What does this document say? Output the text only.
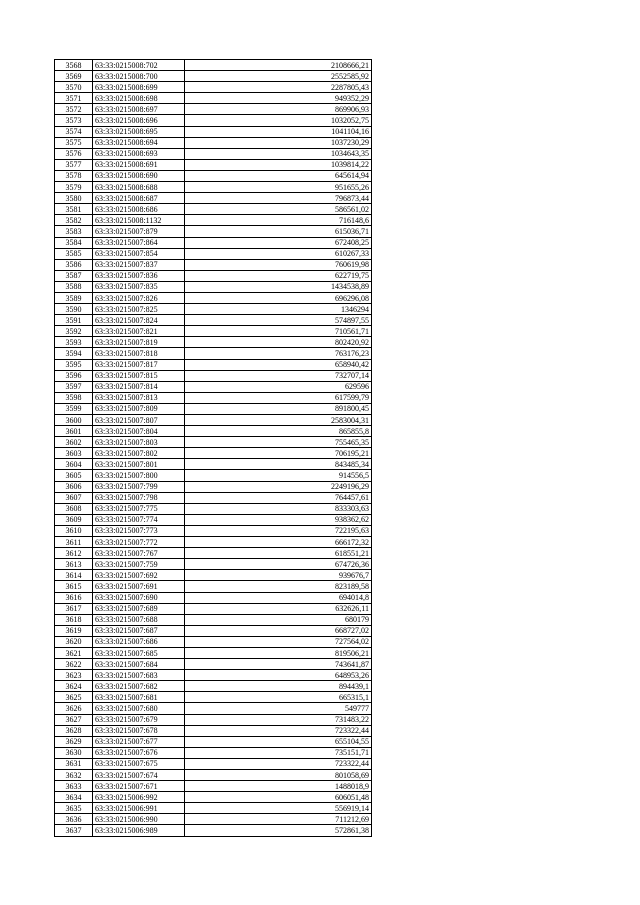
3568	63:33:0215008:702	2108666,21
3569	63:33:0215008:700	2552585,92
3570	63:33:0215008:699	2287805,43
3571	63:33:0215008:698	949352,29
3572	63:33:0215008:697	869906,93
3573	63:33:0215008:696	1032052,75
3574	63:33:0215008:695	1041104,16
3575	63:33:0215008:694	1037230,29
3576	63:33:0215008:693	1034643,35
3577	63:33:0215008:691	1039814,22
3578	63:33:0215008:690	645614,94
3579	63:33:0215008:688	951655,26
3580	63:33:0215008:687	796873,44
3581	63:33:0215008:686	586561,02
3582	63:33:0215008:1132	716148,6
3583	63:33:0215007:879	615036,71
3584	63:33:0215007:864	672408,25
3585	63:33:0215007:854	610267,33
3586	63:33:0215007:837	760619,98
3587	63:33:0215007:836	622719,75
3588	63:33:0215007:835	1434538,89
3589	63:33:0215007:826	696296,08
3590	63:33:0215007:825	1346294
3591	63:33:0215007:824	574897,55
3592	63:33:0215007:821	710561,71
3593	63:33:0215007:819	802420,92
3594	63:33:0215007:818	763176,23
3595	63:33:0215007:817	658940,42
3596	63:33:0215007:815	732707,14
3597	63:33:0215007:814	629596
3598	63:33:0215007:813	617599,79
3599	63:33:0215007:809	891800,45
3600	63:33:0215007:807	2583004,31
3601	63:33:0215007:804	865855,8
3602	63:33:0215007:803	755465,35
3603	63:33:0215007:802	706195,21
3604	63:33:0215007:801	843485,34
3605	63:33:0215007:800	914556,5
3606	63:33:0215007:799	2249196,29
3607	63:33:0215007:798	764457,61
3608	63:33:0215007:775	833303,63
3609	63:33:0215007:774	938362,62
3610	63:33:0215007:773	722195,63
3611	63:33:0215007:772	666172,32
3612	63:33:0215007:767	618551,21
3613	63:33:0215007:759	674726,36
3614	63:33:0215007:692	939676,7
3615	63:33:0215007:691	823189,58
3616	63:33:0215007:690	694014,8
3617	63:33:0215007:689	632626,11
3618	63:33:0215007:688	680179
3619	63:33:0215007:687	668727,02
3620	63:33:0215007:686	727564,02
3621	63:33:0215007:685	819506,21
3622	63:33:0215007:684	743641,87
3623	63:33:0215007:683	648953,26
3624	63:33:0215007:682	894439,1
3625	63:33:0215007:681	665315,1
3626	63:33:0215007:680	549777
3627	63:33:0215007:679	731483,22
3628	63:33:0215007:678	723322,44
3629	63:33:0215007:677	655104,55
3630	63:33:0215007:676	735151,71
3631	63:33:0215007:675	723322,44
3632	63:33:0215007:674	801058,69
3633	63:33:0215007:671	1488018,9
3634	63:33:0215006:992	606051,48
3635	63:33:0215006:991	556919,14
3636	63:33:0215006:990	711212,69
3637	63:33:0215006:989	572861,38
